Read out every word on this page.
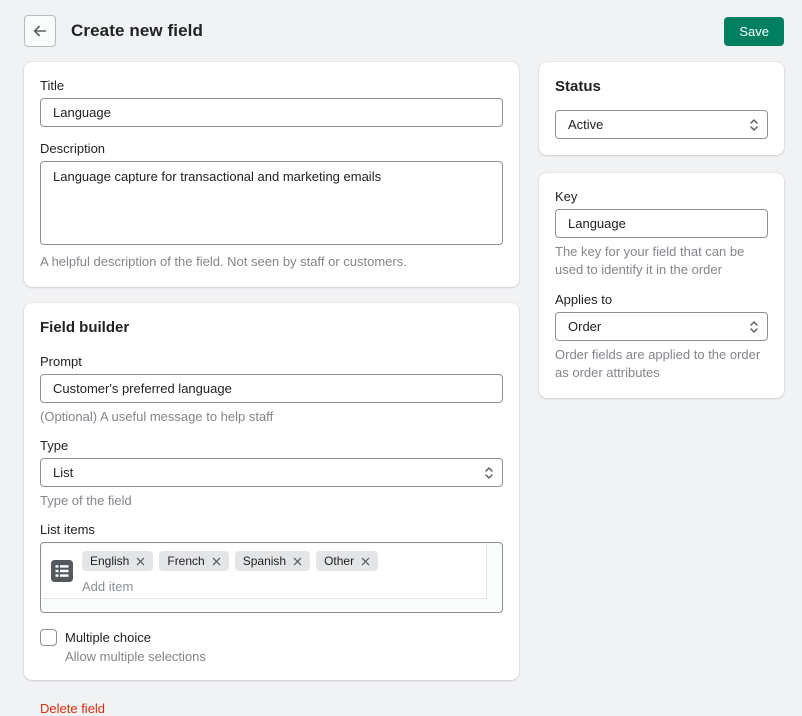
Create new field	Save
Title
Language
Description
Language capture for transactional and marketing emails
A helpful description of the field. Not seen by staff or customers.
Field builder
Prompt
Customer's preferred language
(Optional) A useful message to help staff
Type
List
Type of the field
List items
English	French	Spanish	Other
Add item
Multiple choice
Allow multiple selections
Delete field
Status
Active
Key
Language
The key for your field that can be used to identify it in the order
Applies to
Order
Order fields are applied to the order as order attributes
